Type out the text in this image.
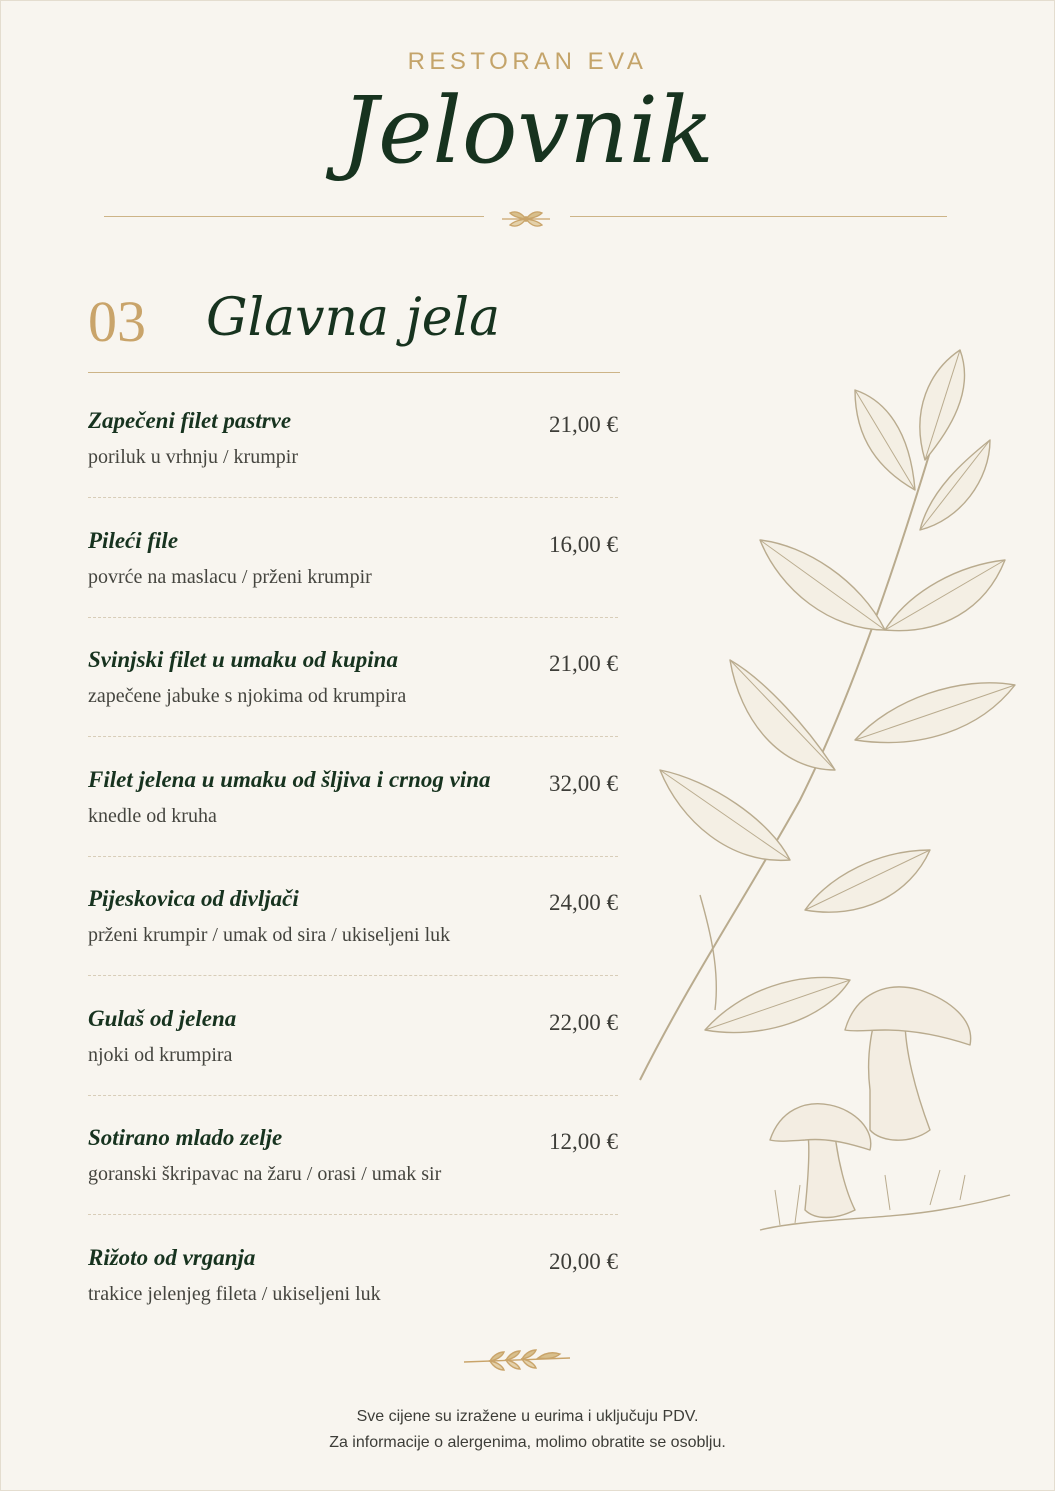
RESTORAN EVA
Jelovnik
03 Glavna jela
Zapečeni filet pastrve	21,00 €
poriluk u vrhnju / krumpir
Pileći file	16,00 €
povrće na maslacu / prženi krumpir
Svinjski filet u umaku od kupina	21,00 €
zapečene jabuke s njokima od krumpira
Filet jelena u umaku od šljiva i crnog vina	32,00 €
knedle od kruha
Pijeskovica od divljači	24,00 €
prženi krumpir / umak od sira / ukiseljeni luk
Gulaš od jelena	22,00 €
njoki od krumpira
Sotirano mlado zelje	12,00 €
goranski škripavac na žaru / orasi / umak sir
Rižoto od vrganja	20,00 €
trakice jelenjeg fileta / ukiseljeni luk
Sve cijene su izražene u eurima i uključuju PDV.
Za informacije o alergenima, molimo obratite se osoblju.
